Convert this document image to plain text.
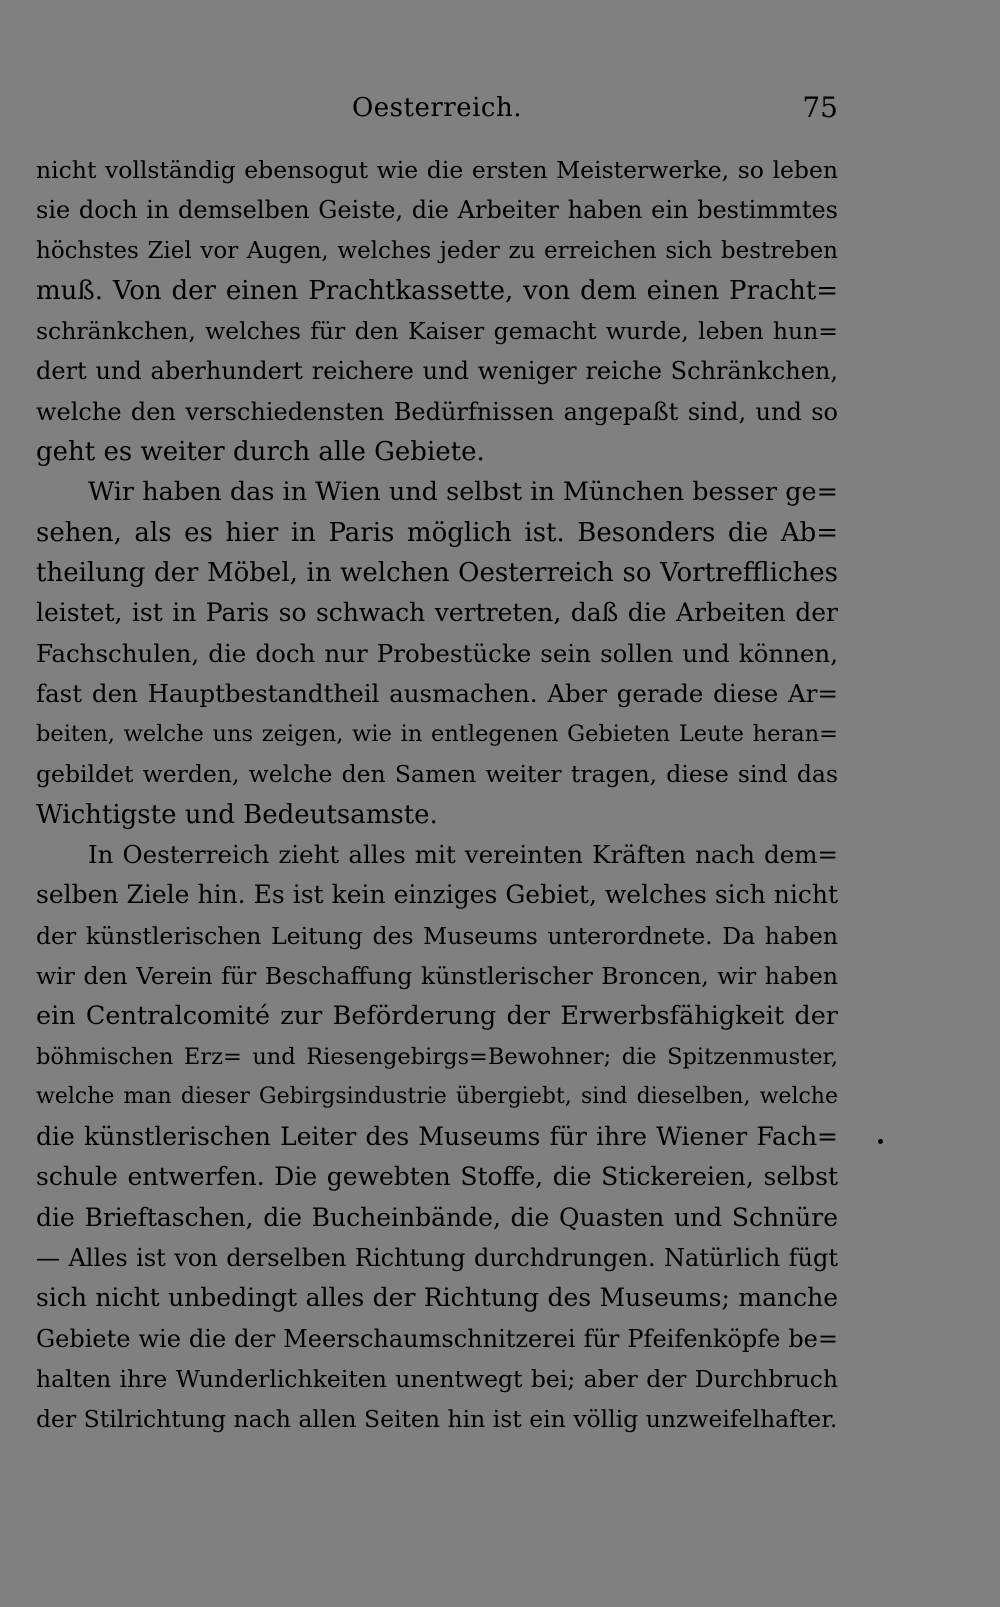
Oesterreich.	75
nicht vollständig ebensogut wie die ersten Meisterwerke, so leben
sie doch in demselben Geiste, die Arbeiter haben ein bestimmtes
höchstes Ziel vor Augen, welches jeder zu erreichen sich bestreben
muß. Von der einen Prachtkassette, von dem einen Pracht=
schränkchen, welches für den Kaiser gemacht wurde, leben hun=
dert und aberhundert reichere und weniger reiche Schränkchen,
welche den verschiedensten Bedürfnissen angepaßt sind, und so
geht es weiter durch alle Gebiete.
Wir haben das in Wien und selbst in München besser ge=
sehen, als es hier in Paris möglich ist. Besonders die Ab=
theilung der Möbel, in welchen Oesterreich so Vortreffliches
leistet, ist in Paris so schwach vertreten, daß die Arbeiten der
Fachschulen, die doch nur Probestücke sein sollen und können,
fast den Hauptbestandtheil ausmachen. Aber gerade diese Ar=
beiten, welche uns zeigen, wie in entlegenen Gebieten Leute heran=
gebildet werden, welche den Samen weiter tragen, diese sind das
Wichtigste und Bedeutsamste.
In Oesterreich zieht alles mit vereinten Kräften nach dem=
selben Ziele hin. Es ist kein einziges Gebiet, welches sich nicht
der künstlerischen Leitung des Museums unterordnete. Da haben
wir den Verein für Beschaffung künstlerischer Broncen, wir haben
ein Centralcomité zur Beförderung der Erwerbsfähigkeit der
böhmischen Erz= und Riesengebirgs=Bewohner; die Spitzenmuster,
welche man dieser Gebirgsindustrie übergiebt, sind dieselben, welche
die künstlerischen Leiter des Museums für ihre Wiener Fach=
schule entwerfen. Die gewebten Stoffe, die Stickereien, selbst
die Brieftaschen, die Bucheinbände, die Quasten und Schnüre
— Alles ist von derselben Richtung durchdrungen. Natürlich fügt
sich nicht unbedingt alles der Richtung des Museums; manche
Gebiete wie die der Meerschaumschnitzerei für Pfeifenköpfe be=
halten ihre Wunderlichkeiten unentwegt bei; aber der Durchbruch
der Stilrichtung nach allen Seiten hin ist ein völlig unzweifelhafter.
